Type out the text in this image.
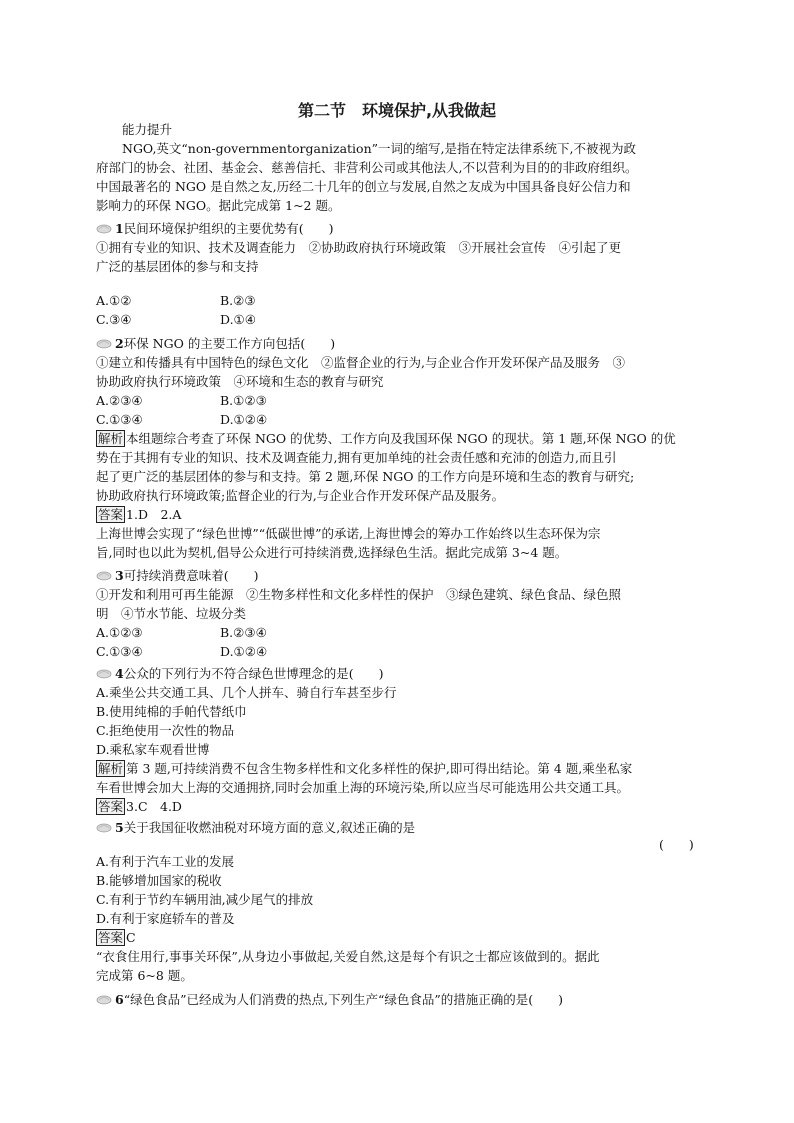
第二节　环境保护,从我做起
能力提升
NGO,英文“non-governmentorganization”一词的缩写,是指在特定法律系统下,不被视为政
府部门的协会、社团、基金会、慈善信托、非营利公司或其他法人,不以营利为目的的非政府组织。
中国最著名的 NGO 是自然之友,历经二十几年的创立与发展,自然之友成为中国具备良好公信力和
影响力的环保 NGO。据此完成第 1~2 题。
1民间环境保护组织的主要优势有(　　)
①拥有专业的知识、技术及调查能力　②协助政府执行环境政策　③开展社会宣传　④引起了更
广泛的基层团体的参与和支持
A.①②	B.②③
C.③④	D.①④
2环保 NGO 的主要工作方向包括(　　)
①建立和传播具有中国特色的绿色文化　②监督企业的行为,与企业合作开发环保产品及服务　③
协助政府执行环境政策　④环境和生态的教育与研究
A.②③④	B.①②③
C.①③④	D.①②④
解析 本组题综合考查了环保 NGO 的优势、工作方向及我国环保 NGO 的现状。第 1 题,环保 NGO 的优
势在于其拥有专业的知识、技术及调查能力,拥有更加单纯的社会责任感和充沛的创造力,而且引
起了更广泛的基层团体的参与和支持。第 2 题,环保 NGO 的工作方向是环境和生态的教育与研究;
协助政府执行环境政策;监督企业的行为,与企业合作开发环保产品及服务。
答案 1.D　2.A
上海世博会实现了“绿色世博”“低碳世博”的承诺,上海世博会的筹办工作始终以生态环保为宗
旨,同时也以此为契机,倡导公众进行可持续消费,选择绿色生活。据此完成第 3~4 题。
3可持续消费意味着(　　)
①开发和利用可再生能源　②生物多样性和文化多样性的保护　③绿色建筑、绿色食品、绿色照
明　④节水节能、垃圾分类
A.①②③	B.②③④
C.①③④	D.①②④
4公众的下列行为不符合绿色世博理念的是(　　)
A.乘坐公共交通工具、几个人拼车、骑自行车甚至步行
B.使用纯棉的手帕代替纸巾
C.拒绝使用一次性的物品
D.乘私家车观看世博
解析 第 3 题,可持续消费不包含生物多样性和文化多样性的保护,即可得出结论。第 4 题,乘坐私家
车看世博会加大上海的交通拥挤,同时会加重上海的环境污染,所以应当尽可能选用公共交通工具。
答案 3.C　4.D
5关于我国征收燃油税对环境方面的意义,叙述正确的是
(　　)
A.有利于汽车工业的发展
B.能够增加国家的税收
C.有利于节约车辆用油,减少尾气的排放
D.有利于家庭轿车的普及
答案 C
“衣食住用行,事事关环保”,从身边小事做起,关爱自然,这是每个有识之士都应该做到的。据此
完成第 6~8 题。
6“绿色食品”已经成为人们消费的热点,下列生产“绿色食品”的措施正确的是(　　)
